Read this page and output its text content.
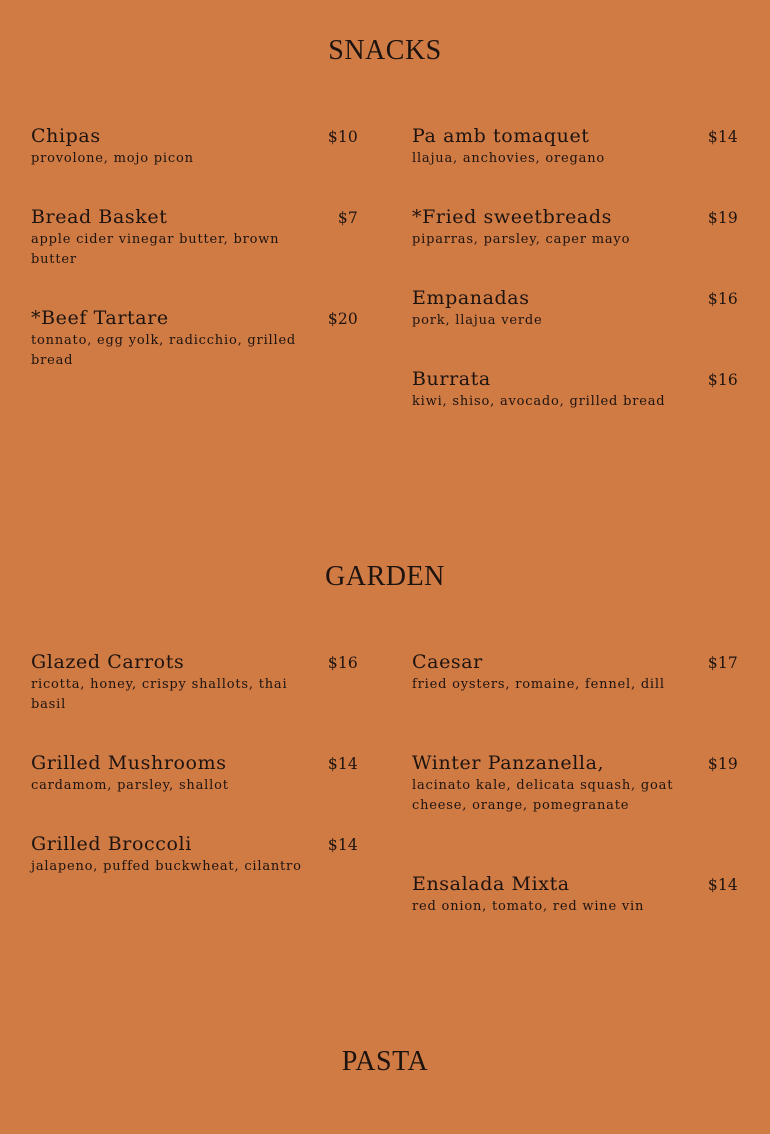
SNACKS
Chipas	$10
provolone, mojo picon
Bread Basket	$7
apple cider vinegar butter, brown butter
*Beef Tartare	$20
tonnato, egg yolk, radicchio, grilled bread
Pa amb tomaquet	$14
llajua, anchovies, oregano
*Fried sweetbreads	$19
piparras, parsley, caper mayo
Empanadas	$16
pork, llajua verde
Burrata	$16
kiwi, shiso, avocado, grilled bread
GARDEN
Glazed Carrots	$16
ricotta, honey, crispy shallots, thai basil
Grilled Mushrooms	$14
cardamom, parsley, shallot
Grilled Broccoli	$14
jalapeno, puffed buckwheat, cilantro
Caesar	$17
fried oysters, romaine, fennel, dill
Winter Panzanella,	$19
lacinato kale, delicata squash, goat cheese, orange, pomegranate
Ensalada Mixta	$14
red onion, tomato, red wine vin
PASTA
